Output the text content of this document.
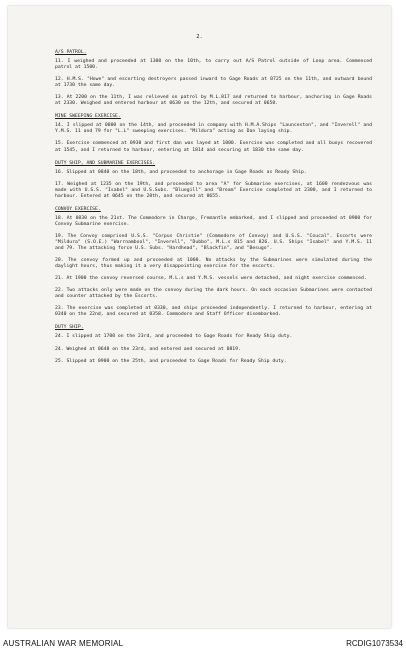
2.
A/S PATROL.
11. I weighed and proceeded at 1300 on the 10th, to carry out A/S Patrol outside of Loop area. Commenced patrol at 1500.
12. H.M.S. "Howe" and escorting destroyers passed inward to Gage Roads at 0725 on the 11th, and outward bound at 1730 the same day.
13. At 2200 on the 11th, I was relieved on patrol by M.L.817 and returned to harbour, anchoring in Gage Roads at 2330. Weighed and entered harbour at 0630 on the 12th, and secured at 0650.
MINE SWEEPING EXERCISE.
14. I slipped at 0800 on the 14th, and proceeded in company with H.M.A.Ships "Launceston", and "Inverell" and Y.M.S. 11 and 79 for "L.L" sweeping exercises. "Mildura" acting as Dan laying ship.
15. Exercise commenced at 0930 and first dan was layed at 1000. Exercise was completed and all buoys recovered at 1545, and I returned to harbour, entering at 1814 and securing at 1830 the same day.
DUTY SHIP, AND SUBMARINE EXERCISES.
16. Slipped at 0840 on the 18th, and proceeded to anchorage in Gage Roads as Ready Ship.
17. Weighed at 1235 on the 19th, and proceeded to area "A" for Submarine exercises, at 1600 rendezvous was made with U.S.S. "Isabel" and U.S.Subs. "Bluegill" and "Bream" Exercise completed at 2300, and I returned to harbour. Entered at 0645 on the 20th, and secured at 0655.
CONVOY EXERCISE.
18. At 0830 on the 21st. The Commodore in Charge, Fremantle embarked, and I slipped and proceeded at 0900 for Convoy Submarine exercise.
19. The Convoy comprised U.S.S. "Corpus Christie" (Commodore of Convoy) and U.S.S. "Coucal". Escorts were "Mildura" (S.O.E.) "Warrnambool", "Inverell", "Dubbo", M.L.s 815 and 826. U.S. Ships "Isabel" and Y.M.S. 11 and 79. The attacking force U.S. Subs. "Hardhead", "Blackfin", and "Besugo".
20. The convoy formed up and proceeded at 1000. No attacks by the Submarines were simulated during the daylight hours, thus making it a very disappointing exercise for the escorts.
21. At 1900 the convoy reversed course, M.L.s and Y.M.S. vessels were detached, and night exercise commenced.
22. Two attacks only were made on the convoy during the dark hours. On each occasion Submarines were contacted and counter attacked by the Escorts.
23. The exercise was completed at 0330, and ships proceeded independently. I returned to harbour, entering at 0340 on the 22nd, and secured at 0358. Commodore and Staff Officer disembarked.
DUTY SHIP.
24. I slipped at 1700 on the 23rd, and proceeded to Gage Roads for Ready Ship duty.
24. Weighed at 0648 on the 23rd, and entered and secured at 0819.
25. Slipped at 0900 on the 25th, and proceeded to Gage Roads for Ready Ship duty.
AUSTRALIAN WAR MEMORIAL	RCDIG1073534
